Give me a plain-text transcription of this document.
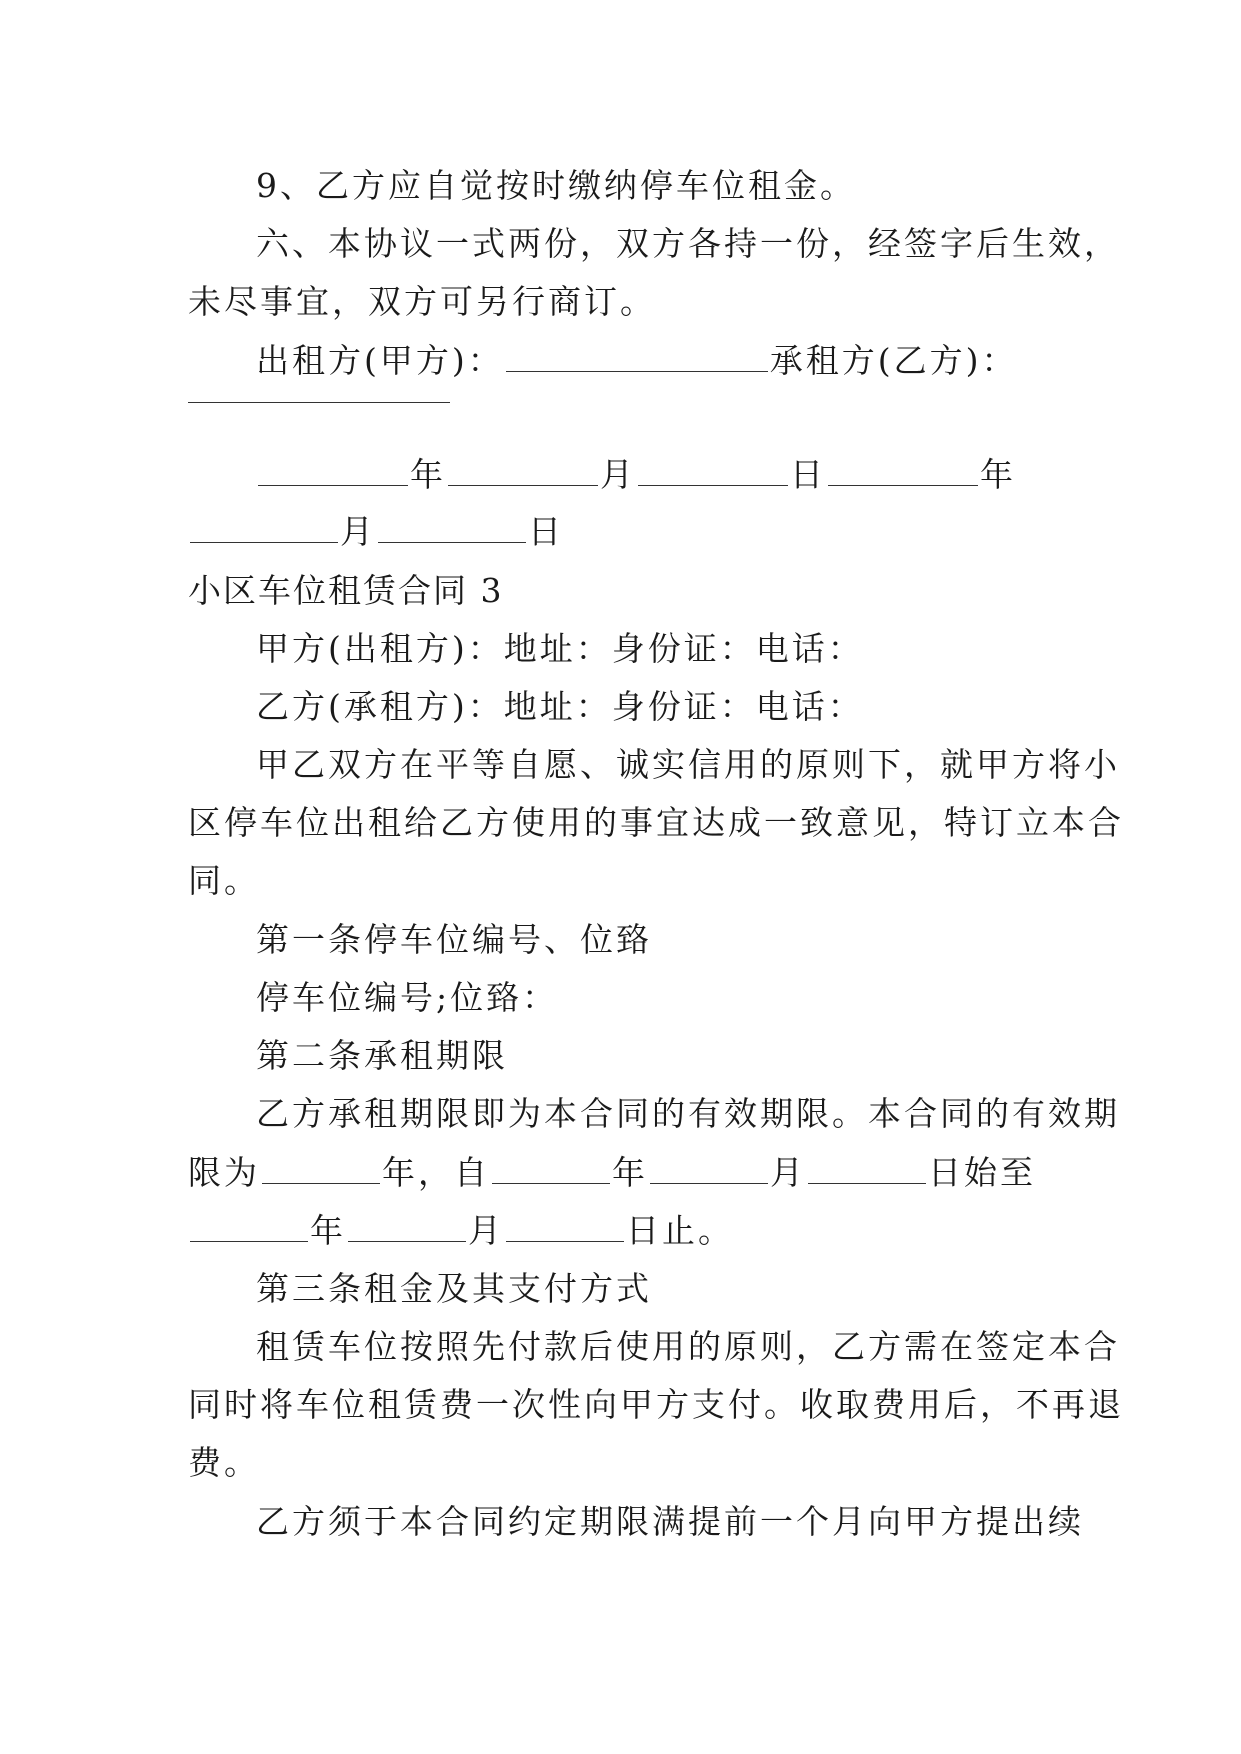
9、乙方应自觉按时缴纳停车位租金。
六、本协议一式两份，双方各持一份，经签字后生效，
未尽事宜，双方可另行商订。
出租方(甲方)：	承租方(乙方)：
年	月	日	年
月	日
小区车位租赁合同 3
甲方(出租方)：地址：身份证：电话：
乙方(承租方)：地址：身份证：电话：
甲乙双方在平等自愿、诚实信用的原则下，就甲方将小
区停车位出租给乙方使用的事宜达成一致意见，特订立本合
同。
第一条停车位编号、位臵
停车位编号;位臵：
第二条承租期限
乙方承租期限即为本合同的有效期限。本合同的有效期
限为	年，自	年	月	日始至
年	月	日止。
第三条租金及其支付方式
租赁车位按照先付款后使用的原则，乙方需在签定本合
同时将车位租赁费一次性向甲方支付。收取费用后，不再退
费。
乙方须于本合同约定期限满提前一个月向甲方提出续
